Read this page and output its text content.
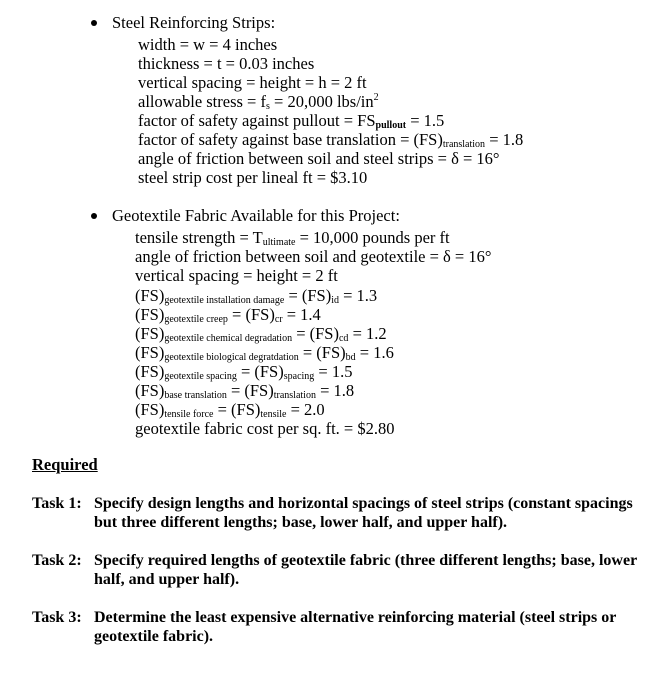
Steel Reinforcing Strips:
width = w = 4 inches
thickness = t = 0.03 inches
vertical spacing = height = h = 2 ft
allowable stress = $f_s = 20,000$ lbs/$in^2$
factor of safety against pullout = $FS_{pullout} = 1.5$
factor of safety against base translation = $(FS)_{translation} = 1.8$
angle of friction between soil and steel strips = δ = 16°
steel strip cost per lineal ft = $3.10
Geotextile Fabric Available for this Project:
tensile strength = $T_{ultimate} = 10,000$ pounds per ft
angle of friction between soil and geotextile = δ = 16°
vertical spacing = height = 2 ft
$(FS)_{geotextile installation damage} = (FS)_{id} = 1.3$
$(FS)_{geotextile creep} = (FS)_{cr} = 1.4$
$(FS)_{geotextile chemical degradation} = (FS)_{cd} = 1.2$
$(FS)_{geotextile biological degratdation} = (FS)_{bd} = 1.6$
$(FS)_{geotextile spacing} = (FS)_{spacing} = 1.5$
$(FS)_{base translation} = (FS)_{translation} = 1.8$
$(FS)_{tensile force} = (FS)_{tensile} = 2.0$
geotextile fabric cost per sq. ft. = $2.80
Required
Task 1: Specify design lengths and horizontal spacings of steel strips (constant spacings but three different lengths; base, lower half, and upper half).
Task 2: Specify required lengths of geotextile fabric (three different lengths; base, lower half, and upper half).
Task 3: Determine the least expensive alternative reinforcing material (steel strips or geotextile fabric).
